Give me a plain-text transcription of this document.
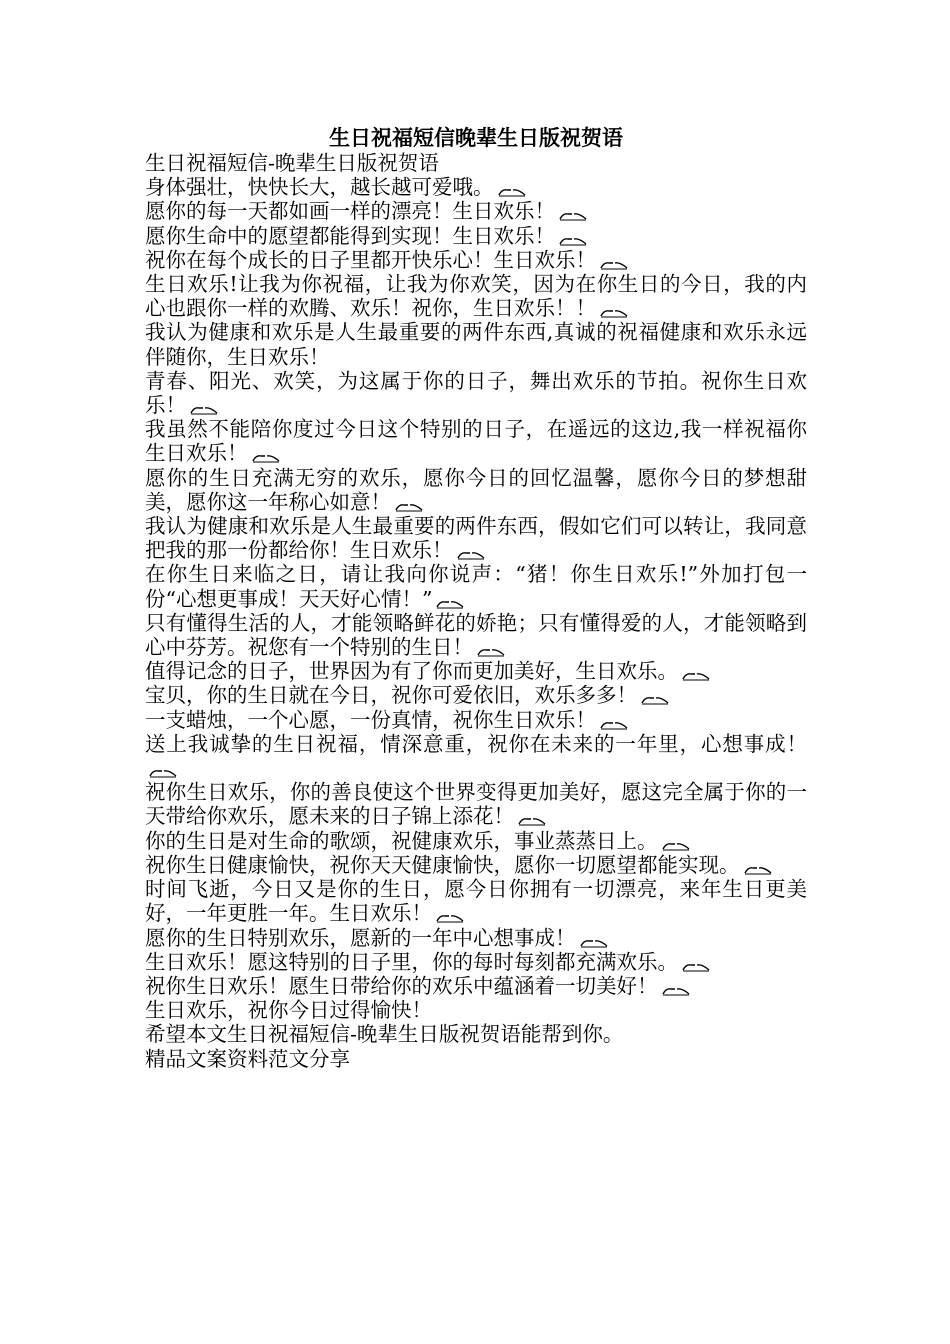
生日祝福短信晚辈生日版祝贺语

生日祝福短信-晚辈生日版祝贺语

身体强壮，快快长大，越长越可爱哦。

愿你的每一天都如画一样的漂亮！生日欢乐！

愿你生命中的愿望都能得到实现！生日欢乐！

祝你在每个成长的日子里都开快乐心！生日欢乐！

生日欢乐!让我为你祝福，让我为你欢笑，因为在你生日的今日，我的内心也跟你一样的欢腾、欢乐！祝你，生日欢乐！！

我认为健康和欢乐是人生最重要的两件东西,真诚的祝福健康和欢乐永远伴随你，生日欢乐！

青春、阳光、欢笑，为这属于你的日子，舞出欢乐的节拍。祝你生日欢乐！

我虽然不能陪你度过今日这个特别的日子，在遥远的这边,我一样祝福你生日欢乐！

愿你的生日充满无穷的欢乐，愿你今日的回忆温馨，愿你今日的梦想甜美，愿你这一年称心如意！

我认为健康和欢乐是人生最重要的两件东西，假如它们可以转让，我同意把我的那一份都给你！生日欢乐！

在你生日来临之日，请让我向你说声：“猪！你生日欢乐!”外加打包一份“心想更事成！天天好心情！”

只有懂得生活的人，才能领略鲜花的娇艳；只有懂得爱的人，才能领略到心中芬芳。祝您有一个特别的生日！

值得记念的日子，世界因为有了你而更加美好，生日欢乐。

宝贝，你的生日就在今日，祝你可爱依旧，欢乐多多！

一支蜡烛，一个心愿，一份真情，祝你生日欢乐！

送上我诚挚的生日祝福，情深意重，祝你在未来的一年里，心想事成！

祝你生日欢乐，你的善良使这个世界变得更加美好，愿这完全属于你的一天带给你欢乐，愿未来的日子锦上添花！

你的生日是对生命的歌颂，祝健康欢乐，事业蒸蒸日上。

祝你生日健康愉快，祝你天天健康愉快，愿你一切愿望都能实现。

时间飞逝，今日又是你的生日，愿今日你拥有一切漂亮，来年生日更美好，一年更胜一年。生日欢乐！

愿你的生日特别欢乐，愿新的一年中心想事成！

生日欢乐！愿这特别的日子里，你的每时每刻都充满欢乐。

祝你生日欢乐！愿生日带给你的欢乐中蕴涵着一切美好！

生日欢乐，祝你今日过得愉快！

希望本文生日祝福短信-晚辈生日版祝贺语能帮到你。

精品文案资料范文分享
